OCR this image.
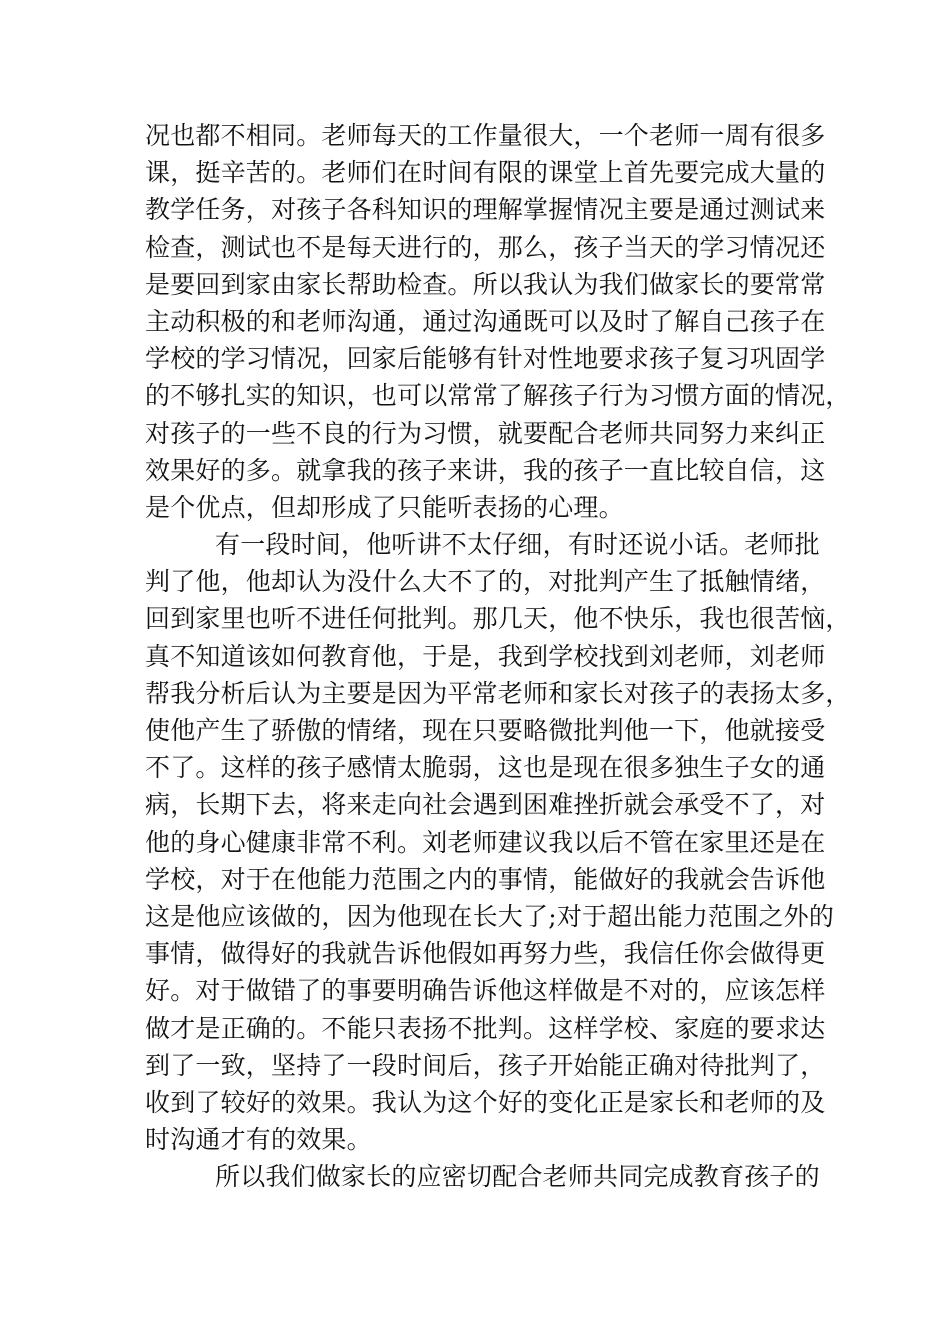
况也都不相同。老师每天的工作量很大，一个老师一周有很多
课，挺辛苦的。老师们在时间有限的课堂上首先要完成大量的
教学任务，对孩子各科知识的理解掌握情况主要是通过测试来
检查，测试也不是每天进行的，那么，孩子当天的学习情况还
是要回到家由家长帮助检查。所以我认为我们做家长的要常常
主动积极的和老师沟通，通过沟通既可以及时了解自己孩子在
学校的学习情况，回家后能够有针对性地要求孩子复习巩固学
的不够扎实的知识，也可以常常了解孩子行为习惯方面的情况，
对孩子的一些不良的行为习惯，就要配合老师共同努力来纠正
效果好的多。就拿我的孩子来讲，我的孩子一直比较自信，这
是个优点，但却形成了只能听表扬的心理。
有一段时间，他听讲不太仔细，有时还说小话。老师批
判了他，他却认为没什么大不了的，对批判产生了抵触情绪，
回到家里也听不进任何批判。那几天，他不快乐，我也很苦恼，
真不知道该如何教育他，于是，我到学校找到刘老师，刘老师
帮我分析后认为主要是因为平常老师和家长对孩子的表扬太多，
使他产生了骄傲的情绪，现在只要略微批判他一下，他就接受
不了。这样的孩子感情太脆弱，这也是现在很多独生子女的通
病，长期下去，将来走向社会遇到困难挫折就会承受不了，对
他的身心健康非常不利。刘老师建议我以后不管在家里还是在
学校，对于在他能力范围之内的事情，能做好的我就会告诉他
这是他应该做的，因为他现在长大了;对于超出能力范围之外的
事情，做得好的我就告诉他假如再努力些，我信任你会做得更
好。对于做错了的事要明确告诉他这样做是不对的，应该怎样
做才是正确的。不能只表扬不批判。这样学校、家庭的要求达
到了一致，坚持了一段时间后，孩子开始能正确对待批判了，
收到了较好的效果。我认为这个好的变化正是家长和老师的及
时沟通才有的效果。
所以我们做家长的应密切配合老师共同完成教育孩子的
